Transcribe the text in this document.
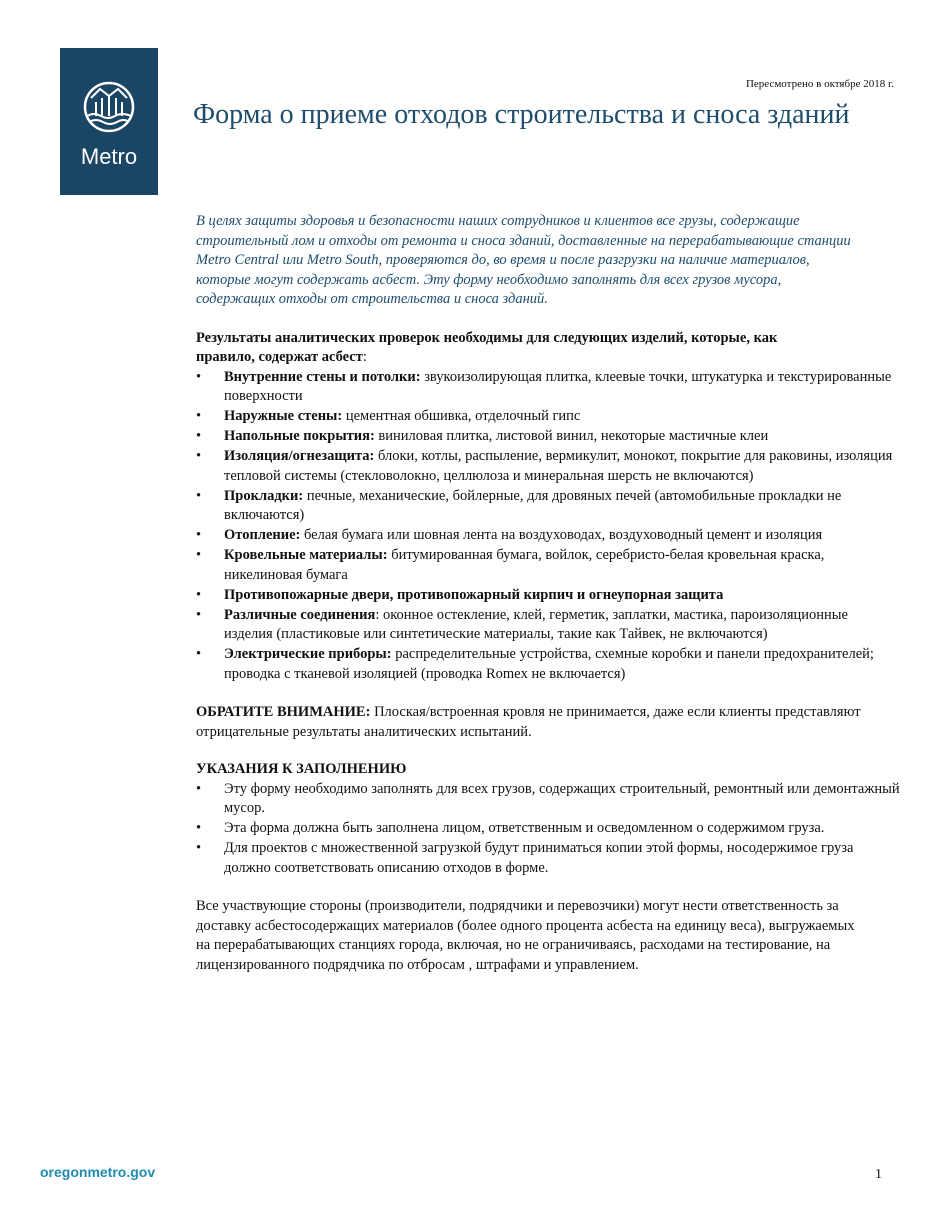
Metro
Пересмотрено в октябре 2018 г.
Форма о приеме отходов строительства и сноса зданий

В целях защиты здоровья и безопасности наших сотрудников и клиентов все грузы, содержащие строительный лом и отходы от ремонта и сноса зданий, доставленные на перерабатывающие станции Metro Central или Metro South, проверяются до, во время и после разгрузки на наличие материалов, которые могут содержать асбест. Эту форму необходимо заполнять для всех грузов мусора, содержащих отходы от строительства и сноса зданий.

Результаты аналитических проверок необходимы для следующих изделий, которые, как правило, содержат асбест:

• Внутренние стены и потолки: звукоизолирующая плитка, клеевые точки, штукатурка и текстурированные поверхности
• Наружные стены: цементная обшивка, отделочный гипс
• Напольные покрытия: виниловая плитка, листовой винил, некоторые мастичные клеи
• Изоляция/огнезащита: блоки, котлы, распыление, вермикулит, монокот, покрытие для раковины, изоляция тепловой системы (стекловолокно, целлюлоза и минеральная шерсть не включаются)
• Прокладки: печные, механические, бойлерные, для дровяных печей (автомобильные прокладки не включаются)
• Отопление: белая бумага или шовная лента на воздуховодах, воздуховодный цемент и изоляция
• Кровельные материалы: битумированная бумага, войлок, серебристо-белая кровельная краска, никелиновая бумага
• Противопожарные двери, противопожарный кирпич и огнеупорная защита
• Различные соединения: оконное остекление, клей, герметик, заплатки, мастика, пароизоляционные изделия (пластиковые или синтетические материалы, такие как Тайвек, не включаются)
• Электрические приборы: распределительные устройства, схемные коробки и панели предохранителей; проводка с тканевой изоляцией (проводка Romex не включается)

ОБРАТИТЕ ВНИМАНИЕ: Плоская/встроенная кровля не принимается, даже если клиенты представляют отрицательные результаты аналитических испытаний.

УКАЗАНИЯ К ЗАПОЛНЕНИЮ

• Эту форму необходимо заполнять для всех грузов, содержащих строительный, ремонтный или демонтажный мусор.
• Эта форма должна быть заполнена лицом, ответственным и осведомленном о содержимом груза.
• Для проектов с множественной загрузкой будут приниматься копии этой формы, носодержимое груза должно соответствовать описанию отходов в форме.

Все участвующие стороны (производители, подрядчики и перевозчики) могут нести ответственность за доставку асбестосодержащих материалов (более одного процента асбеста на единицу веса), выгружаемых на перерабатывающих станциях города, включая, но не ограничиваясь, расходами на тестирование, на лицензированного подрядчика по отбросам , штрафами и управлением.

oregonmetro.gov	1
